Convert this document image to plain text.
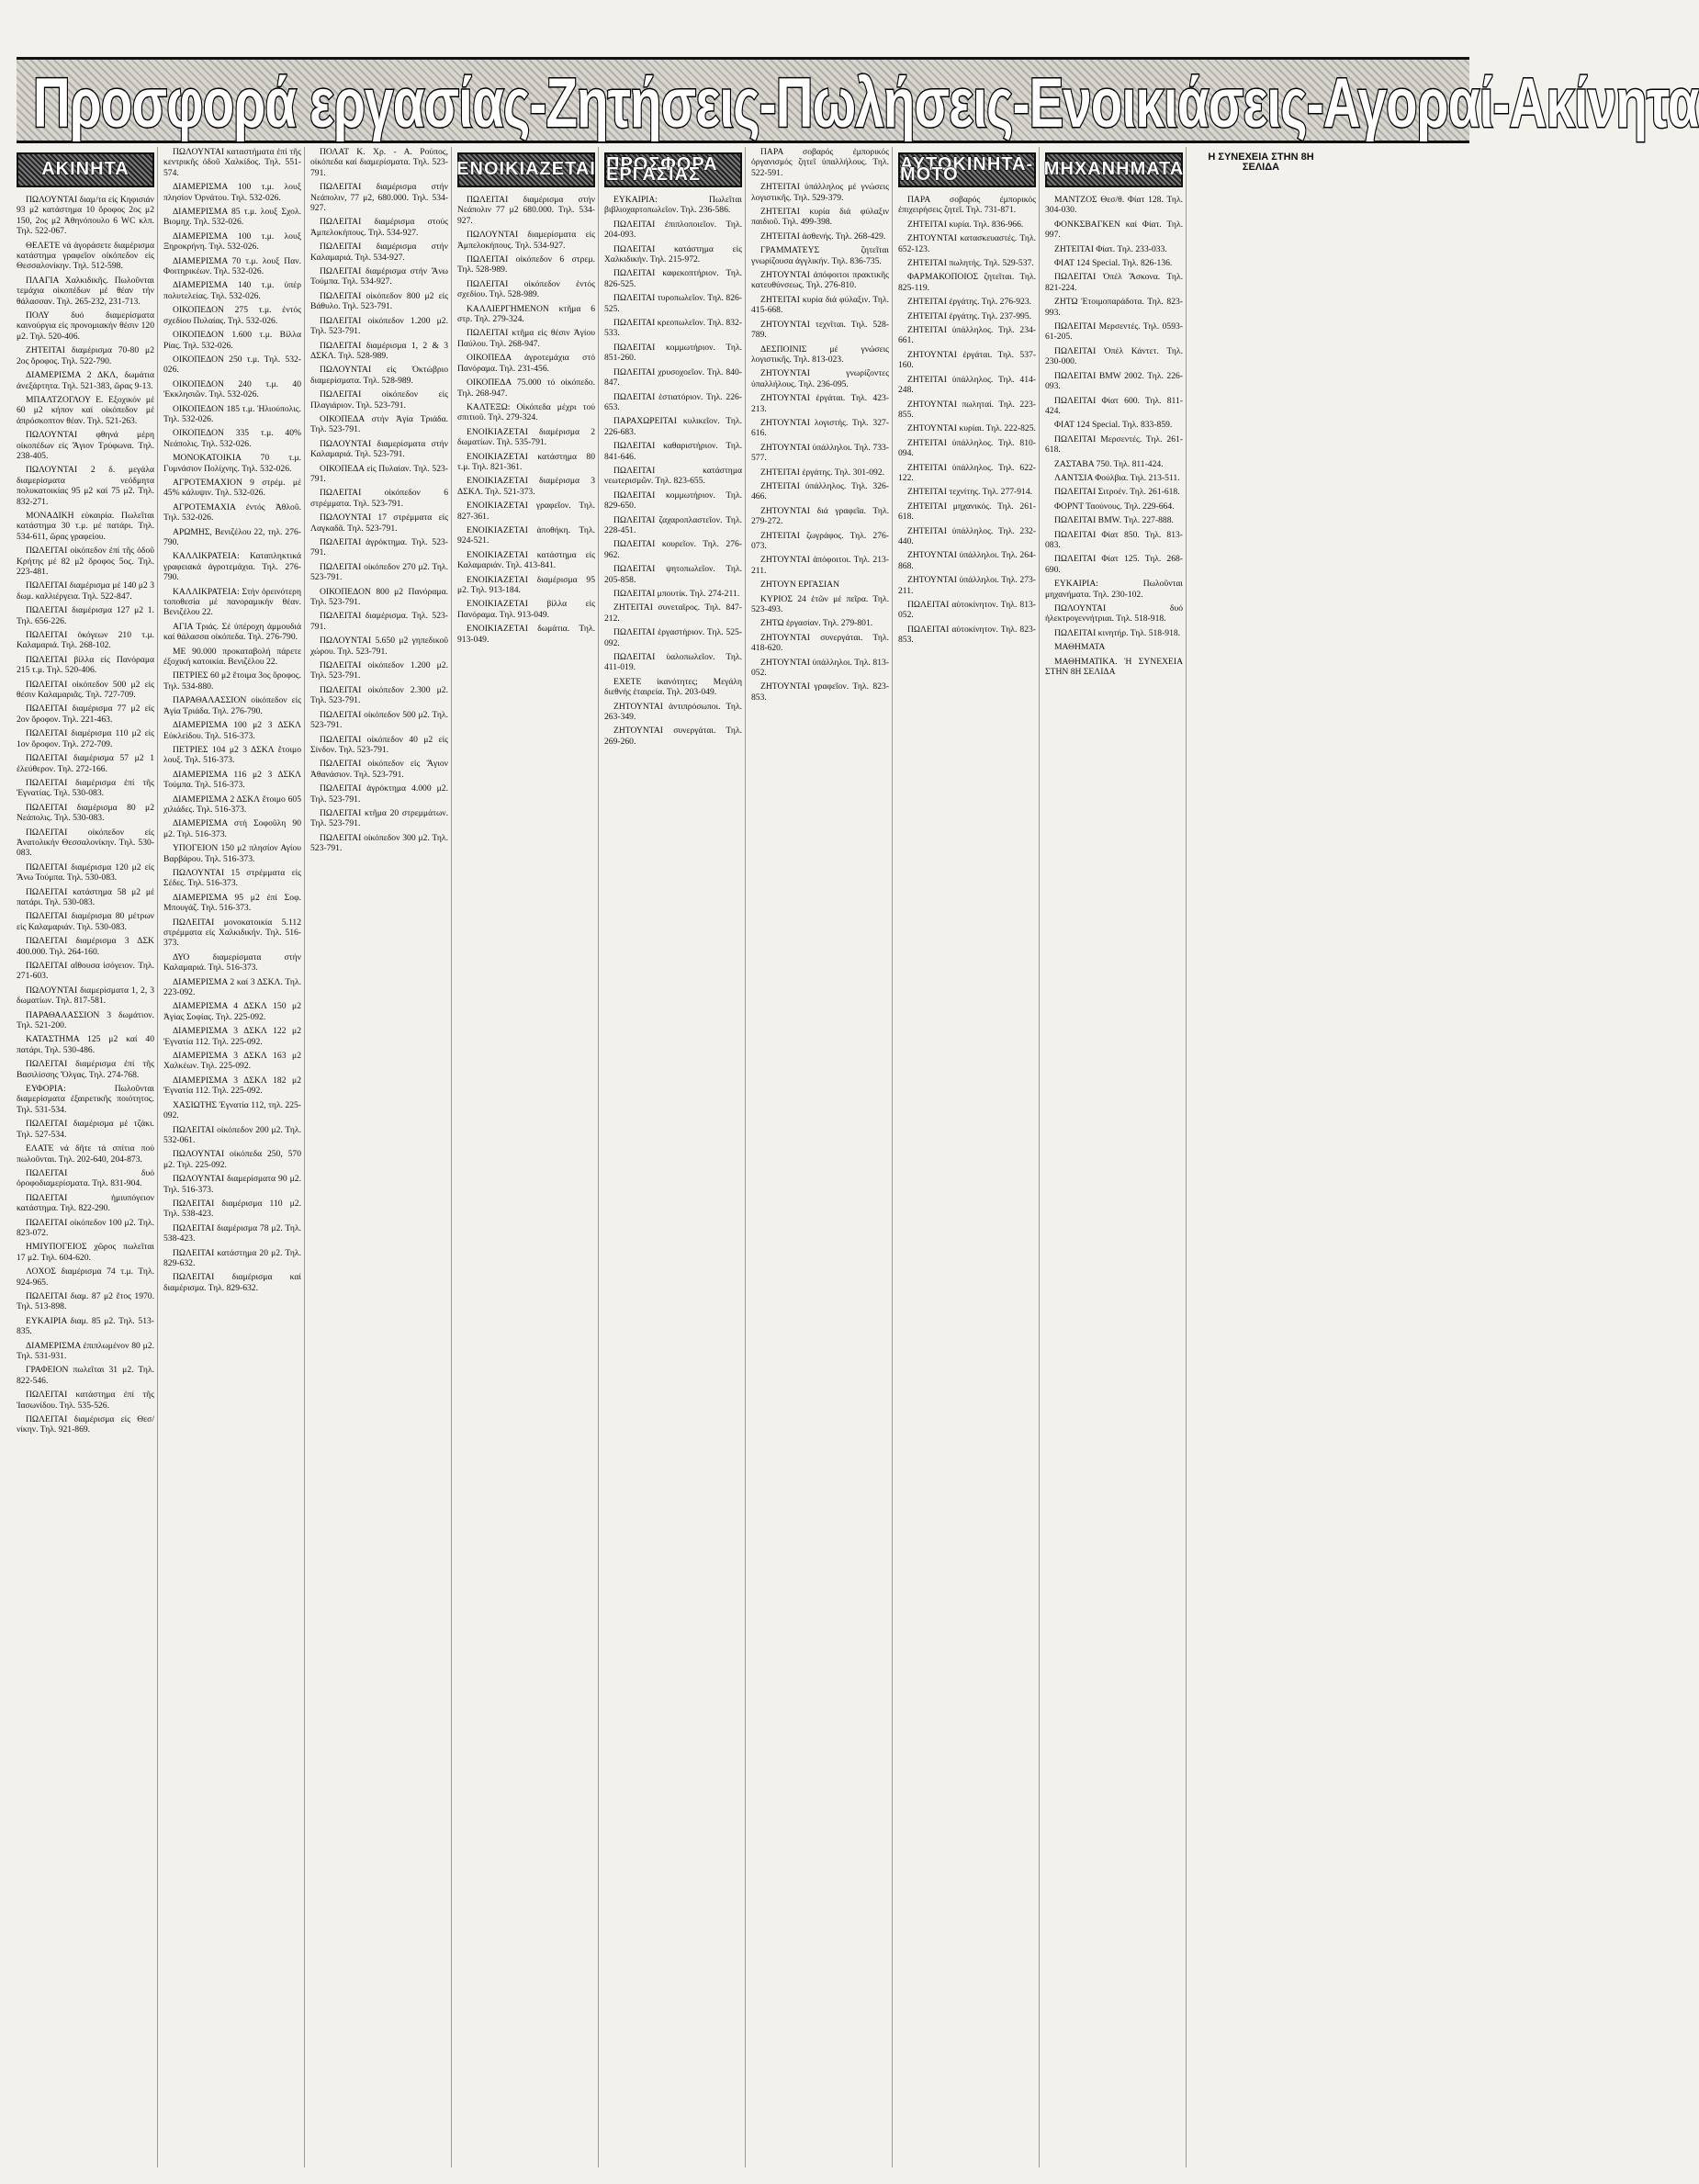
Προσφορά εργασίας-Ζητήσεις-Πωλήσεις-Ενοικιάσεις-Αγοραί-Ακίνητα
ΑΚΙΝΗΤΑ

ΠΩΛΟΥΝΤΑΙ διαμ/τα εἰς Κηφισιάν 93 μ2 κατάστημα 10 ὄροφος 2ος μ2 150, 2ος μ2 Ἀθηνόπουλο 6 WC κλπ. Τηλ. 522-067.

ΘΕΛΕΤΕ νά ἀγοράσετε διαμέρισμα κατάστημα γραφεῖον οἰκόπεδον εἰς Θεσσαλονίκην. Τηλ. 512-598.

ΠΛΑΓΙΑ Χαλκιδικῆς. Πωλοῦνται τεμάχια οἰκοπέδων μέ θέαν τήν θάλασσαν. Τηλ. 265-232, 231-713.

ΠΟΛΥ δυό διαμερίσματα καινούργια εἰς προνομιακήν θέσιν 120 μ2. Τηλ. 520-406.

ΖΗΤΕΙΤΑΙ διαμέρισμα 70-80 μ2 2ος ὄροφος. Τηλ. 522-790.

ΔΙΑΜΕΡΙΣΜΑ 2 ΔΚΛ, δωμάτια ἀνεξάρτητα. Τηλ. 521-383, ὥρας 9-13.

ΜΠΑΛΤΖΟΓΛΟΥ Ε. Εξοχικόν μέ 60 μ2 κήπον καί οἰκόπεδον μέ ἀπρόσκοπτον θέαν. Τηλ. 521-263.

ΠΩΛΟΥΝΤΑΙ φθηνά μέρη οἰκοπέδων εἰς Ἄγιον Τρύφωνα. Τηλ. 238-405.

ΠΩΛΟΥΝΤΑΙ 2 δ. μεγάλα διαμερίσματα νεόδμητα πολυκατοικίας 95 μ2 καί 75 μ2. Τηλ. 832-271.

ΜΟΝΑΔΙΚΗ εὐκαιρία. Πωλεῖται κατάστημα 30 τ.μ. μέ πατάρι. Τηλ. 534-611, ὥρας γραφείου.

ΠΩΛΕΙΤΑΙ οἰκόπεδον ἐπί τῆς ὁδοῦ Κρήτης μέ 82 μ2 ὄροφος 5ος. Τηλ. 223-481.

ΠΩΛΕΙΤΑΙ διαμέρισμα μέ 140 μ2 3 δωμ. καλλιέργεια. Τηλ. 522-847.

ΠΩΛΕΙΤΑΙ διαμέρισμα 127 μ2 1. Τηλ. 656-226.

ΠΩΛΕΙΤΑΙ ὀκόγεων 210 τ.μ. Καλαμαριά. Τηλ. 268-102.

ΠΩΛΕΙΤΑΙ βίλλα εἰς Πανόραμα 215 τ.μ. Τηλ. 520-406.

ΠΩΛΕΙΤΑΙ οἰκόπεδον 500 μ2 εἰς θέσιν Καλαμαριᾶς. Τηλ. 727-709.

ΠΩΛΕΙΤΑΙ διαμέρισμα 77 μ2 εἰς 2ον ὄροφον. Τηλ. 221-463.

ΠΩΛΕΙΤΑΙ διαμέρισμα 110 μ2 εἰς 1ον ὄροφον. Τηλ. 272-709.

ΠΩΛΕΙΤΑΙ διαμέρισμα 57 μ2 1 ἐλεύθερον. Τηλ. 272-166.

ΠΩΛΕΙΤΑΙ διαμέρισμα ἐπί τῆς Ἐγνατίας. Τηλ. 530-083.

ΠΩΛΕΙΤΑΙ διαμέρισμα 80 μ2 Νεάπολις. Τηλ. 530-083.

ΠΩΛΕΙΤΑΙ οἰκόπεδον εἰς Ἀνατολικήν Θεσσαλονίκην. Τηλ. 530-083.

ΠΩΛΕΙΤΑΙ διαμέρισμα 120 μ2 εἰς Ἄνω Τούμπα. Τηλ. 530-083.

ΠΩΛΕΙΤΑΙ κατάστημα 58 μ2 μέ πατάρι. Τηλ. 530-083.

ΠΩΛΕΙΤΑΙ διαμέρισμα 80 μέτρων εἰς Καλαμαριάν. Τηλ. 530-083.

ΠΩΛΕΙΤΑΙ διαμέρισμα 3 ΔΣΚ 400.000. Τηλ. 264-160.

ΠΩΛΕΙΤΑΙ αἴθουσα ἰσόγειον. Τηλ. 271-603.

ΠΩΛΟΥΝΤΑΙ διαμερίσματα 1, 2, 3 δωματίων. Τηλ. 817-581.

ΠΑΡΑΘΑΛΑΣΣΙΟΝ 3 δωμάτιον. Τηλ. 521-200.

ΚΑΤΑΣΤΗΜΑ 125 μ2 καί 40 πατάρι. Τηλ. 530-486.

ΠΩΛΕΙΤΑΙ διαμέρισμα ἐπί τῆς Βασιλίσσης Ὄλγας. Τηλ. 274-768.

ΕΥΦΟΡΙΑ: Πωλοῦνται διαμερίσματα ἐξαιρετικῆς ποιότητος. Τηλ. 531-534.

ΠΩΛΕΙΤΑΙ διαμέρισμα μέ τζάκι. Τηλ. 527-534.

ΕΛΑΤΕ νά δῆτε τά σπίτια πού πωλοῦνται. Τηλ. 202-640, 204-873.

ΠΩΛΕΙΤΑΙ δυό ὁροφοδιαμερίσματα. Τηλ. 831-904.

ΠΩΛΕΙΤΑΙ ἡμιυπόγειον κατάστημα. Τηλ. 822-290.

ΠΩΛΕΙΤΑΙ οἰκόπεδον 100 μ2. Τηλ. 823-072.

ΗΜΙΥΠΟΓΕΙΟΣ χῶρος πωλεῖται 17 μ2. Τηλ. 604-620.

ΛΟΧΟΣ διαμέρισμα 74 τ.μ. Τηλ. 924-965.

ΠΩΛΕΙΤΑΙ διαμ. 87 μ2 ἔτος 1970. Τηλ. 513-898.

ΕΥΚΑΙΡΙΑ διαμ. 85 μ2. Τηλ. 513-835.

ΔΙΑΜΕΡΙΣΜΑ ἐπιπλωμένον 80 μ2. Τηλ. 531-931.

ΓΡΑΦΕΙΟΝ πωλεῖται 31 μ2. Τηλ. 822-546.

ΠΩΛΕΙΤΑΙ κατάστημα ἐπί τῆς Ἰασωνίδου. Τηλ. 535-526.

ΠΩΛΕΙΤΑΙ διαμέρισμα εἰς Θεσ/νίκην. Τηλ. 921-869.

ΠΩΛΟΥΝΤΑΙ καταστήματα ἐπί τῆς κεντρικῆς ὁδοῦ Χαλκίδος. Τηλ. 551-574.

ΔΙΑΜΕΡΙΣΜΑ 100 τ.μ. λουξ πλησίον Ὀρνάτου. Τηλ. 532-026.

ΔΙΑΜΕΡΙΣΜΑ 85 τ.μ. λουξ Σχολ. Βιομηχ. Τηλ. 532-026.

ΔΙΑΜΕΡΙΣΜΑ 100 τ.μ. λουξ Ξηροκρήνη. Τηλ. 532-026.

ΔΙΑΜΕΡΙΣΜΑ 70 τ.μ. λουξ Παν. Φοιτηρικέων. Τηλ. 532-026.

ΔΙΑΜΕΡΙΣΜΑ 140 τ.μ. ὑπέρ πολυτελείας. Τηλ. 532-026.

ΟΙΚΟΠΕΔΟΝ 275 τ.μ. ἐντός σχεδίου Πυλαίας. Τηλ. 532-026.

ΟΙΚΟΠΕΔΟΝ 1.600 τ.μ. Βίλλα Ρίας. Τηλ. 532-026.

ΟΙΚΟΠΕΔΟΝ 250 τ.μ. Τηλ. 532-026.

ΟΙΚΟΠΕΔΟΝ 240 τ.μ. 40 Ἐκκλησιῶν. Τηλ. 532-026.

ΟΙΚΟΠΕΔΟΝ 185 τ.μ. Ἡλιούπολις. Τηλ. 532-026.

ΟΙΚΟΠΕΔΟΝ 335 τ.μ. 40% Νεάπολις. Τηλ. 532-026.

ΜΟΝΟΚΑΤΟΙΚΙΑ 70 τ.μ. Γυμνάσιον Πολίχνης. Τηλ. 532-026.

ΑΓΡΟΤΕΜΑΧΙΟΝ 9 στρέμ. μέ 45% κάλυψιν. Τηλ. 532-026.

ΑΓΡΟΤΕΜΑΧΙΑ ἐντός Ἀθλοῦ. Τηλ. 532-026.

ΑΡΩΜΗΣ, Βενιζέλου 22, τηλ. 276-790.

ΚΑΛΛΙΚΡΑΤΕΙΑ: Καταπληκτικά γραφειακά ἀγροτεμάχια. Τηλ. 276-790.

ΚΑΛΛΙΚΡΑΤΕΙΑ: Στήν ὁρεινότερη τοποθεσία μέ πανοραμικήν θέαν. Βενιζέλου 22.

ΑΓΙΑ Τριάς. Σέ ὑπέροχη ἀμμουδιά καί θάλασσα οἰκόπεδα. Τηλ. 276-790.

ΜΕ 90.000 προκαταβολή πάρετε ἐξοχική κατοικία. Βενιζέλου 22.

ΠΕΤΡΙΕΣ 60 μ2 ἔτοιμα 3ος ὄροφος. Τηλ. 534-880.

ΠΑΡΑΘΑΛΑΣΣΙΟΝ οἰκόπεδον εἰς Ἁγία Τριάδα. Τηλ. 276-790.

ΔΙΑΜΕΡΙΣΜΑ 100 μ2 3 ΔΣΚΛ Εὐκλείδου. Τηλ. 516-373.

ΠΕΤΡΙΕΣ 104 μ2 3 ΔΣΚΛ ἔτοιμο λουξ. Τηλ. 516-373.

ΔΙΑΜΕΡΙΣΜΑ 116 μ2 3 ΔΣΚΛ Τούμπα. Τηλ. 516-373.

ΔΙΑΜΕΡΙΣΜΑ 2 ΔΣΚΛ ἔτοιμο 605 χιλιάδες. Τηλ. 516-373.

ΔΙΑΜΕΡΙΣΜΑ στή Σοφοῦλη 90 μ2. Τηλ. 516-373.

ΥΠΟΓΕΙΟΝ 150 μ2 πλησίον Αγίου Βαρβάρου. Τηλ. 516-373.

ΠΩΛΟΥΝΤΑΙ 15 στρέμματα εἰς Σέδες. Τηλ. 516-373.

ΔΙΑΜΕΡΙΣΜΑ 95 μ2 ἐπί Σοφ. Μπουγάζ. Τηλ. 516-373.

ΠΩΛΕΙΤΑΙ μονοκατοικία 5.112 στρέμματα εἰς Χαλκιδικήν. Τηλ. 516-373.

ΔΥΟ διαμερίσματα στήν Καλαμαριά. Τηλ. 516-373.

ΔΙΑΜΕΡΙΣΜΑ 2 καί 3 ΔΣΚΛ. Τηλ. 223-092.

ΔΙΑΜΕΡΙΣΜΑ 4 ΔΣΚΛ 150 μ2 Ἁγίας Σοφίας. Τηλ. 225-092.

ΔΙΑΜΕΡΙΣΜΑ 3 ΔΣΚΛ 122 μ2 Ἐγνατία 112. Τηλ. 225-092.

ΔΙΑΜΕΡΙΣΜΑ 3 ΔΣΚΛ 163 μ2 Χαλκέων. Τηλ. 225-092.

ΔΙΑΜΕΡΙΣΜΑ 3 ΔΣΚΛ 182 μ2 Ἐγνατία 112. Τηλ. 225-092.

ΧΑΣΙΩΤΗΣ Ἐγνατία 112, τηλ. 225-092.

ΠΩΛΕΙΤΑΙ οἰκόπεδον 200 μ2. Τηλ. 532-061.

ΠΩΛΟΥΝΤΑΙ οἰκόπεδα 250, 570 μ2. Τηλ. 225-092.

ΠΩΛΟΥΝΤΑΙ διαμερίσματα 90 μ2. Τηλ. 516-373.

ΠΩΛΕΙΤΑΙ διαμέρισμα 110 μ2. Τηλ. 538-423.

ΠΩΛΕΙΤΑΙ διαμέρισμα 78 μ2. Τηλ. 538-423.

ΠΩΛΕΙΤΑΙ κατάστημα 20 μ2. Τηλ. 829-632.

ΠΩΛΕΙΤΑΙ διαμέρισμα καί διαμέρισμα. Τηλ. 829-632.

ΠΟΛΑΤ Κ. Χρ. - Α. Ρούπος, οἰκόπεδα καί διαμερίσματα. Τηλ. 523-791.

ΠΩΛΕΙΤΑΙ διαμέρισμα στήν Νεάπολιν, 77 μ2, 680.000. Τηλ. 534-927.

ΠΩΛΕΙΤΑΙ διαμέρισμα στούς Ἀμπελοκήπους. Τηλ. 534-927.

ΠΩΛΕΙΤΑΙ διαμέρισμα στήν Καλαμαριά. Τηλ. 534-927.

ΠΩΛΕΙΤΑΙ διαμέρισμα στήν Ἄνω Τούμπα. Τηλ. 534-927.

ΠΩΛΕΙΤΑΙ οἰκόπεδον 800 μ2 εἰς Βάθυλο. Τηλ. 523-791.

ΠΩΛΕΙΤΑΙ οἰκόπεδον 1.200 μ2. Τηλ. 523-791.

ΠΩΛΕΙΤΑΙ διαμέρισμα 1, 2 & 3 ΔΣΚΛ. Τηλ. 528-989.

ΠΩΛΟΥΝΤΑΙ εἰς Ὀκτώβριο διαμερίσματα. Τηλ. 528-989.

ΠΩΛΕΙΤΑΙ οἰκόπεδον εἰς Πλαγιάριον. Τηλ. 523-791.

ΟΙΚΟΠΕΔΑ στήν Ἁγία Τριάδα. Τηλ. 523-791.

ΠΩΛΟΥΝΤΑΙ διαμερίσματα στήν Καλαμαριά. Τηλ. 523-791.

ΟΙΚΟΠΕΔΑ εἰς Πυλαίαν. Τηλ. 523-791.

ΠΩΛΕΙΤΑΙ οἰκόπεδον 6 στρέμματα. Τηλ. 523-791.

ΠΩΛΟΥΝΤΑΙ 17 στρέμματα εἰς Λαγκαδᾶ. Τηλ. 523-791.

ΠΩΛΕΙΤΑΙ ἀγρόκτημα. Τηλ. 523-791.

ΠΩΛΕΙΤΑΙ οἰκόπεδον 270 μ2. Τηλ. 523-791.

ΟΙΚΟΠΕΔΟΝ 800 μ2 Πανόραμα. Τηλ. 523-791.

ΠΩΛΕΙΤΑΙ διαμέρισμα. Τηλ. 523-791.

ΠΩΛΟΥΝΤΑΙ 5.650 μ2 γηπεδικοῦ χώρου. Τηλ. 523-791.

ΠΩΛΕΙΤΑΙ οἰκόπεδον 1.200 μ2. Τηλ. 523-791.

ΠΩΛΕΙΤΑΙ οἰκόπεδον 2.300 μ2. Τηλ. 523-791.

ΠΩΛΕΙΤΑΙ οἰκόπεδον 500 μ2. Τηλ. 523-791.

ΠΩΛΕΙΤΑΙ οἰκόπεδον 40 μ2 εἰς Σίνδον. Τηλ. 523-791.

ΠΩΛΕΙΤΑΙ οἰκόπεδον εἰς Ἅγιον Ἀθανάσιον. Τηλ. 523-791.

ΠΩΛΕΙΤΑΙ ἀγρόκτημα 4.000 μ2. Τηλ. 523-791.

ΠΩΛΕΙΤΑΙ κτῆμα 20 στρεμμάτων. Τηλ. 523-791.

ΠΩΛΕΙΤΑΙ οἰκόπεδον 300 μ2. Τηλ. 523-791.

ΕΝΟΙΚΙΑΖΕΤΑΙ

ΠΩΛΕΙΤΑΙ διαμέρισμα στήν Νεάπολιν 77 μ2 680.000. Τηλ. 534-927.

ΠΩΛΟΥΝΤΑΙ διαμερίσματα εἰς Ἀμπελοκήπους. Τηλ. 534-927.

ΠΩΛΕΙΤΑΙ οἰκόπεδον 6 στρεμ. Τηλ. 528-989.

ΠΩΛΕΙΤΑΙ οἰκόπεδον ἐντός σχεδίου. Τηλ. 528-989.

ΚΑΛΛΙΕΡΓΗΜΕΝΟΝ κτῆμα 6 στρ. Τηλ. 279-324.

ΠΩΛΕΙΤΑΙ κτῆμα εἰς θέσιν Ἁγίου Παύλου. Τηλ. 268-947.

ΟΙΚΟΠΕΔΑ ἀγροτεμάχια στό Πανόραμα. Τηλ. 231-456.

ΟΙΚΟΠΕΔΑ 75.000 τό οἰκόπεδο. Τηλ. 268-947.

ΚΑΛΤΕΞΩ: Οἰκόπεδα μέχρι τού σπιτιοῦ. Τηλ. 279-324.

ΕΝΟΙΚΙΑΖΕΤΑΙ διαμέρισμα 2 δωματίων. Τηλ. 535-791.

ΕΝΟΙΚΙΑΖΕΤΑΙ κατάστημα 80 τ.μ. Τηλ. 821-361.

ΕΝΟΙΚΙΑΖΕΤΑΙ διαμέρισμα 3 ΔΣΚΛ. Τηλ. 521-373.

ΕΝΟΙΚΙΑΖΕΤΑΙ γραφεῖον. Τηλ. 827-361.

ΕΝΟΙΚΙΑΖΕΤΑΙ ἀποθήκη. Τηλ. 924-521.

ΕΝΟΙΚΙΑΖΕΤΑΙ κατάστημα εἰς Καλαμαριάν. Τηλ. 413-841.

ΕΝΟΙΚΙΑΖΕΤΑΙ διαμέρισμα 95 μ2. Τηλ. 913-184.

ΕΝΟΙΚΙΑΖΕΤΑΙ βίλλα εἰς Πανόραμα. Τηλ. 913-049.

ΕΝΟΙΚΙΑΖΕΤΑΙ δωμάτια. Τηλ. 913-049.

ΠΡΟΣΦΟΡΑ ΕΡΓΑΣΙΑΣ

ΕΥΚΑΙΡΙΑ: Πωλεῖται βιβλιοχαρτοπωλεῖον. Τηλ. 236-586.

ΠΩΛΕΙΤΑΙ ἐπιπλοποιεῖον. Τηλ. 204-093.

ΠΩΛΕΙΤΑΙ κατάστημα εἰς Χαλκιδικήν. Τηλ. 215-972.

ΠΩΛΕΙΤΑΙ καφεκοπτήριον. Τηλ. 826-525.

ΠΩΛΕΙΤΑΙ τυροπωλεῖον. Τηλ. 826-525.

ΠΩΛΕΙΤΑΙ κρεοπωλεῖον. Τηλ. 832-533.

ΠΩΛΕΙΤΑΙ κομμωτήριον. Τηλ. 851-260.

ΠΩΛΕΙΤΑΙ χρυσοχοεῖον. Τηλ. 840-847.

ΠΩΛΕΙΤΑΙ ἑστιατόριον. Τηλ. 226-653.

ΠΑΡΑΧΩΡΕΙΤΑΙ κυλικεῖον. Τηλ. 226-683.

ΠΩΛΕΙΤΑΙ καθαριστήριον. Τηλ. 841-646.

ΠΩΛΕΙΤΑΙ κατάστημα νεωτερισμῶν. Τηλ. 823-655.

ΠΩΛΕΙΤΑΙ κομμωτήριον. Τηλ. 829-650.

ΠΩΛΕΙΤΑΙ ζαχαροπλαστεῖον. Τηλ. 228-451.

ΠΩΛΕΙΤΑΙ κουρεῖον. Τηλ. 276-962.

ΠΩΛΕΙΤΑΙ ψητοπωλεῖον. Τηλ. 205-858.

ΠΩΛΕΙΤΑΙ μπουτίκ. Τηλ. 274-211.

ΖΗΤΕΙΤΑΙ συνεταῖρος. Τηλ. 847-212.

ΠΩΛΕΙΤΑΙ ἐργαστήριον. Τηλ. 525-092.

ΠΩΛΕΙΤΑΙ ὑαλοπωλεῖον. Τηλ. 411-019.

ΕΧΕΤΕ ἱκανότητες; Μεγάλη διεθνής ἑταιρεία. Τηλ. 203-049.

ΖΗΤΟΥΝΤΑΙ ἀντιπρόσωποι. Τηλ. 263-349.

ΖΗΤΟΥΝΤΑΙ συνεργάται. Τηλ. 269-260.

ΠΑΡΑ σοβαρός ἐμπορικός ὀργανισμός ζητεῖ ὑπαλλήλους. Τηλ. 522-591.

ΖΗΤΕΙΤΑΙ ὑπάλληλος μέ γνώσεις λογιστικῆς. Τηλ. 529-379.

ΖΗΤΕΙΤΑΙ κυρία διά φύλαξιν παιδιοῦ. Τηλ. 499-398.

ΖΗΤΕΙΤΑΙ ἀσθενής. Τηλ. 268-429.

ΓΡΑΜΜΑΤΕΥΣ ζητεῖται γνωρίζουσα ἀγγλικήν. Τηλ. 836-735.

ΖΗΤΟΥΝΤΑΙ ἀπόφοιτοι πρακτικῆς κατευθύνσεως. Τηλ. 276-810.

ΖΗΤΕΙΤΑΙ κυρία διά φύλαξιν. Τηλ. 415-668.

ΖΗΤΟΥΝΤΑΙ τεχνῖται. Τηλ. 528-789.

ΔΕΣΠΟΙΝΙΣ μέ γνώσεις λογιστικῆς. Τηλ. 813-023.

ΖΗΤΟΥΝΤΑΙ γνωρίζοντες ὑπαλλήλους. Τηλ. 236-095.

ΖΗΤΟΥΝΤΑΙ ἐργάται. Τηλ. 423-213.

ΖΗΤΟΥΝΤΑΙ λογιστής. Τηλ. 327-616.

ΖΗΤΟΥΝΤΑΙ ὑπάλληλοι. Τηλ. 733-577.

ΖΗΤΕΙΤΑΙ ἐργάτης. Τηλ. 301-092.

ΖΗΤΕΙΤΑΙ ὑπάλληλος. Τηλ. 326-466.

ΖΗΤΟΥΝΤΑΙ διά γραφεῖα. Τηλ. 279-272.

ΖΗΤΕΙΤΑΙ ζωγράφος. Τηλ. 276-073.

ΖΗΤΟΥΝΤΑΙ ἀπόφοιτοι. Τηλ. 213-211.

ΖΗΤΟΥΝ ΕΡΓΑΣΙΑΝ

ΚΥΡΙΟΣ 24 ἐτῶν μέ πεῖρα. Τηλ. 523-493.

ΖΗΤΩ ἐργασίαν. Τηλ. 279-801.

ΖΗΤΟΥΝΤΑΙ συνεργάται. Τηλ. 418-620.

ΖΗΤΟΥΝΤΑΙ ὑπάλληλοι. Τηλ. 813-052.

ΖΗΤΟΥΝΤΑΙ γραφεῖον. Τηλ. 823-853.

ΑΥΤΟΚΙΝΗΤΑ-ΜΟΤΟ

ΠΑΡΑ σοβαρός ἐμπορικός ἐπιχειρήσεις ζητεῖ. Τηλ. 731-871.

ΖΗΤΕΙΤΑΙ κυρία. Τηλ. 836-966.

ΖΗΤΟΥΝΤΑΙ κατασκευαστές. Τηλ. 652-123.

ΖΗΤΕΙΤΑΙ πωλητής. Τηλ. 529-537.

ΦΑΡΜΑΚΟΠΟΙΟΣ ζητεῖται. Τηλ. 825-119.

ΖΗΤΕΙΤΑΙ ἐργάτης. Τηλ. 276-923.

ΖΗΤΕΙΤΑΙ ἐργάτης. Τηλ. 237-995.

ΖΗΤΕΙΤΑΙ ὑπάλληλος. Τηλ. 234-661.

ΖΗΤΟΥΝΤΑΙ ἐργάται. Τηλ. 537-160.

ΖΗΤΕΙΤΑΙ ὑπάλληλος. Τηλ. 414-248.

ΖΗΤΟΥΝΤΑΙ πωληταί. Τηλ. 223-855.

ΖΗΤΟΥΝΤΑΙ κυρίαι. Τηλ. 222-825.

ΖΗΤΕΙΤΑΙ ὑπάλληλος. Τηλ. 810-094.

ΖΗΤΕΙΤΑΙ ὑπάλληλος. Τηλ. 622-122.

ΖΗΤΕΙΤΑΙ τεχνίτης. Τηλ. 277-914.

ΖΗΤΕΙΤΑΙ μηχανικός. Τηλ. 261-618.

ΖΗΤΕΙΤΑΙ ὑπάλληλος. Τηλ. 232-440.

ΖΗΤΟΥΝΤΑΙ ὑπάλληλοι. Τηλ. 264-868.

ΖΗΤΟΥΝΤΑΙ ὑπάλληλοι. Τηλ. 273-211.

ΠΩΛΕΙΤΑΙ αὐτοκίνητον. Τηλ. 813-052.

ΠΩΛΕΙΤΑΙ αὐτοκίνητον. Τηλ. 823-853.

ΜΗΧΑΝΗΜΑΤΑ

ΜΑΝΤΖΟΣ Θεσ/θ. Φίατ 128. Τηλ. 304-030.

ΦΟΝΚΣΒΑΓΚΕΝ καί Φίατ. Τηλ. 997.

ΖΗΤΕΙΤΑΙ Φίατ. Τηλ. 233-033.

ΦΙΑΤ 124 Special. Τηλ. 826-136.

ΠΩΛΕΙΤΑΙ Ὀπέλ Ἄσκονα. Τηλ. 821-224.

ΖΗΤΩ Ἐτοιμοπαράδοτα. Τηλ. 823-993.

ΠΩΛΕΙΤΑΙ Μερσεντές. Τηλ. 0593-61-205.

ΠΩΛΕΙΤΑΙ Ὀπέλ Κάντετ. Τηλ. 230-000.

ΠΩΛΕΙΤΑΙ BMW 2002. Τηλ. 226-093.

ΠΩΛΕΙΤΑΙ Φίατ 600. Τηλ. 811-424.

ΦΙΑΤ 124 Special. Τηλ. 833-859.

ΠΩΛΕΙΤΑΙ Μερσεντές. Τηλ. 261-618.

ΖΑΣΤΑΒΑ 750. Τηλ. 811-424.

ΛΑΝΤΣΙΑ Φούλβια. Τηλ. 213-511.

ΠΩΛΕΙΤΑΙ Σιτροέν. Τηλ. 261-618.

ΦΟΡΝΤ Ταούνους. Τηλ. 229-664.

ΠΩΛΕΙΤΑΙ BMW. Τηλ. 227-888.

ΠΩΛΕΙΤΑΙ Φίατ 850. Τηλ. 813-083.

ΠΩΛΕΙΤΑΙ Φίατ 125. Τηλ. 268-690.

ΕΥΚΑΙΡΙΑ: Πωλοῦνται μηχανήματα. Τηλ. 230-102.

ΠΩΛΟΥΝΤΑΙ δυό ἠλεκτρογεννήτριαι. Τηλ. 518-918.

ΠΩΛΕΙΤΑΙ κινητήρ. Τηλ. 518-918.

ΜΑΘΗΜΑΤΑ

ΜΑΘΗΜΑΤΙΚΑ. Ἡ ΣΥΝΕΧΕΙΑ ΣΤΗΝ 8Η ΣΕΛΙΔΑ

Η ΣΥΝΕΧΕΙΑ ΣΤΗΝ 8Η ΣΕΛΙΔΑ
